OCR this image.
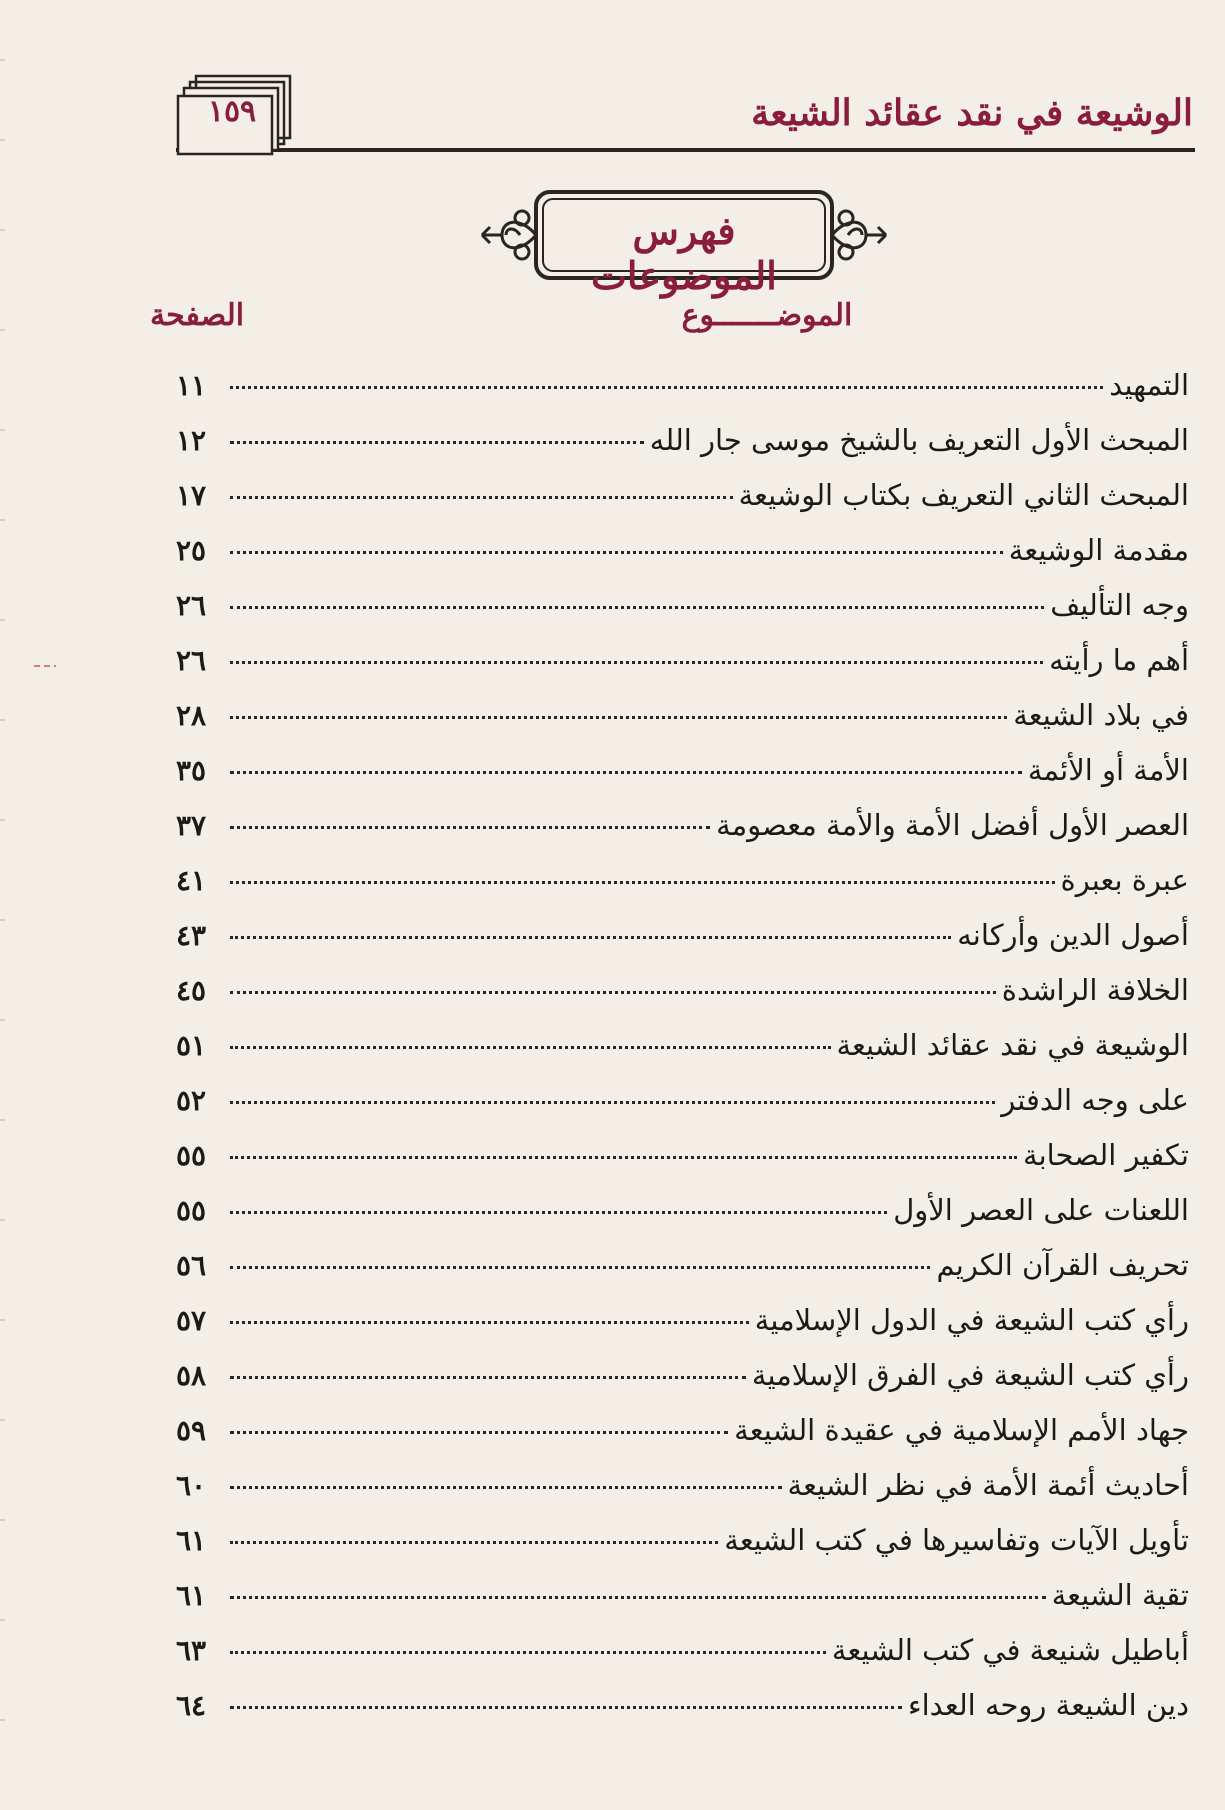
الوشيعة في نقد عقائد الشيعة
١٥٩
فهرس الموضوعات
الموضـــــــوع
الصفحة
١١	التمهيد
١٢	المبحث الأول التعريف بالشيخ موسى جار الله
١٧	المبحث الثاني التعريف بكتاب الوشيعة
٢٥	مقدمة الوشيعة
٢٦	وجه التأليف
٢٦	أهم ما رأيته
٢٨	في بلاد الشيعة
٣٥	الأمة أو الأئمة
٣٧	العصر الأول أفضل الأمة والأمة معصومة
٤١	عبرة بعبرة
٤٣	أصول الدين وأركانه
٤٥	الخلافة الراشدة
٥١	الوشيعة في نقد عقائد الشيعة
٥٢	على وجه الدفتر
٥٥	تكفير الصحابة
٥٥	اللعنات على العصر الأول
٥٦	تحريف القرآن الكريم
٥٧	رأي كتب الشيعة في الدول الإسلامية
٥٨	رأي كتب الشيعة في الفرق الإسلامية
٥٩	جهاد الأمم الإسلامية في عقيدة الشيعة
٦٠	أحاديث أئمة الأمة في نظر الشيعة
٦١	تأويل الآيات وتفاسيرها في كتب الشيعة
٦١	تقية الشيعة
٦٣	أباطيل شنيعة في كتب الشيعة
٦٤	دين الشيعة روحه العداء
